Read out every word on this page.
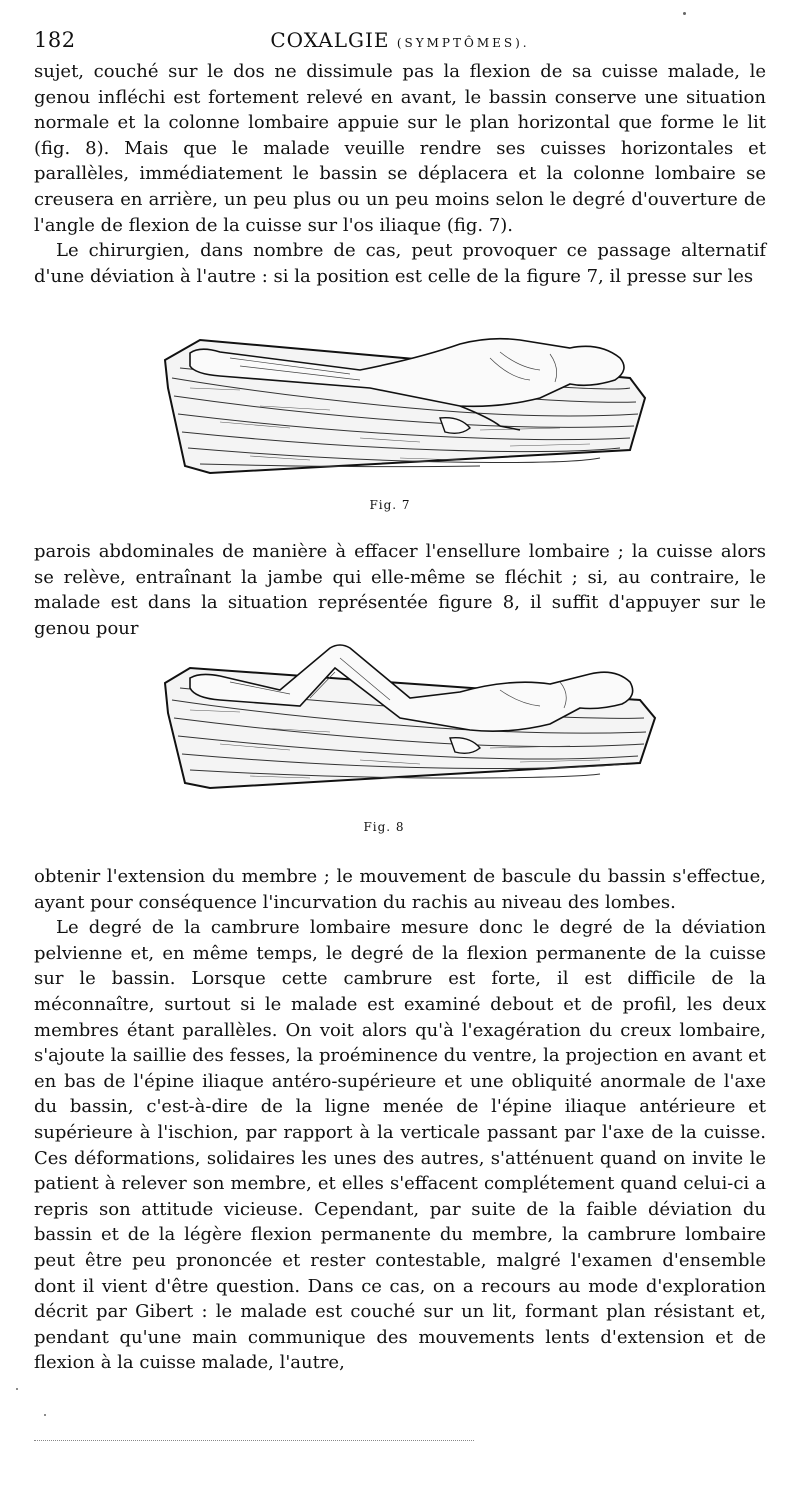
182	COXALGIE (SYMPTÔMES).

sujet, couché sur le dos ne dissimule pas la flexion de sa cuisse malade, le genou infléchi est fortement relevé en avant, le bassin conserve une situation normale et la colonne lombaire appuie sur le plan horizontal que forme le lit (fig. 8). Mais que le malade veuille rendre ses cuisses horizontales et parallèles, immédiatement le bassin se déplacera et la colonne lombaire se creusera en arrière, un peu plus ou un peu moins selon le degré d'ouverture de l'angle de flexion de la cuisse sur l'os iliaque (fig. 7).

Le chirurgien, dans nombre de cas, peut provoquer ce passage alternatif d'une déviation à l'autre : si la position est celle de la figure 7, il presse sur les

Fig. 7

parois abdominales de manière à effacer l'ensellure lombaire ; la cuisse alors se relève, entraînant la jambe qui elle-même se fléchit ; si, au contraire, le malade est dans la situation représentée figure 8, il suffit d'appuyer sur le genou pour

Fig. 8

obtenir l'extension du membre ; le mouvement de bascule du bassin s'effectue, ayant pour conséquence l'incurvation du rachis au niveau des lombes.

Le degré de la cambrure lombaire mesure donc le degré de la déviation pelvienne et, en même temps, le degré de la flexion permanente de la cuisse sur le bassin. Lorsque cette cambrure est forte, il est difficile de la méconnaître, surtout si le malade est examiné debout et de profil, les deux membres étant parallèles. On voit alors qu'à l'exagération du creux lombaire, s'ajoute la saillie des fesses, la proéminence du ventre, la projection en avant et en bas de l'épine iliaque antéro-supérieure et une obliquité anormale de l'axe du bassin, c'est-à-dire de la ligne menée de l'épine iliaque antérieure et supérieure à l'ischion, par rapport à la verticale passant par l'axe de la cuisse. Ces déformations, solidaires les unes des autres, s'atténuent quand on invite le patient à relever son membre, et elles s'effacent complétement quand celui-ci a repris son attitude vicieuse. Cependant, par suite de la faible déviation du bassin et de la légère flexion permanente du membre, la cambrure lombaire peut être peu prononcée et rester contestable, malgré l'examen d'ensemble dont il vient d'être question. Dans ce cas, on a recours au mode d'exploration décrit par Gibert : le malade est couché sur un lit, formant plan résistant et, pendant qu'une main communique des mouvements lents d'extension et de flexion à la cuisse malade, l'autre,
